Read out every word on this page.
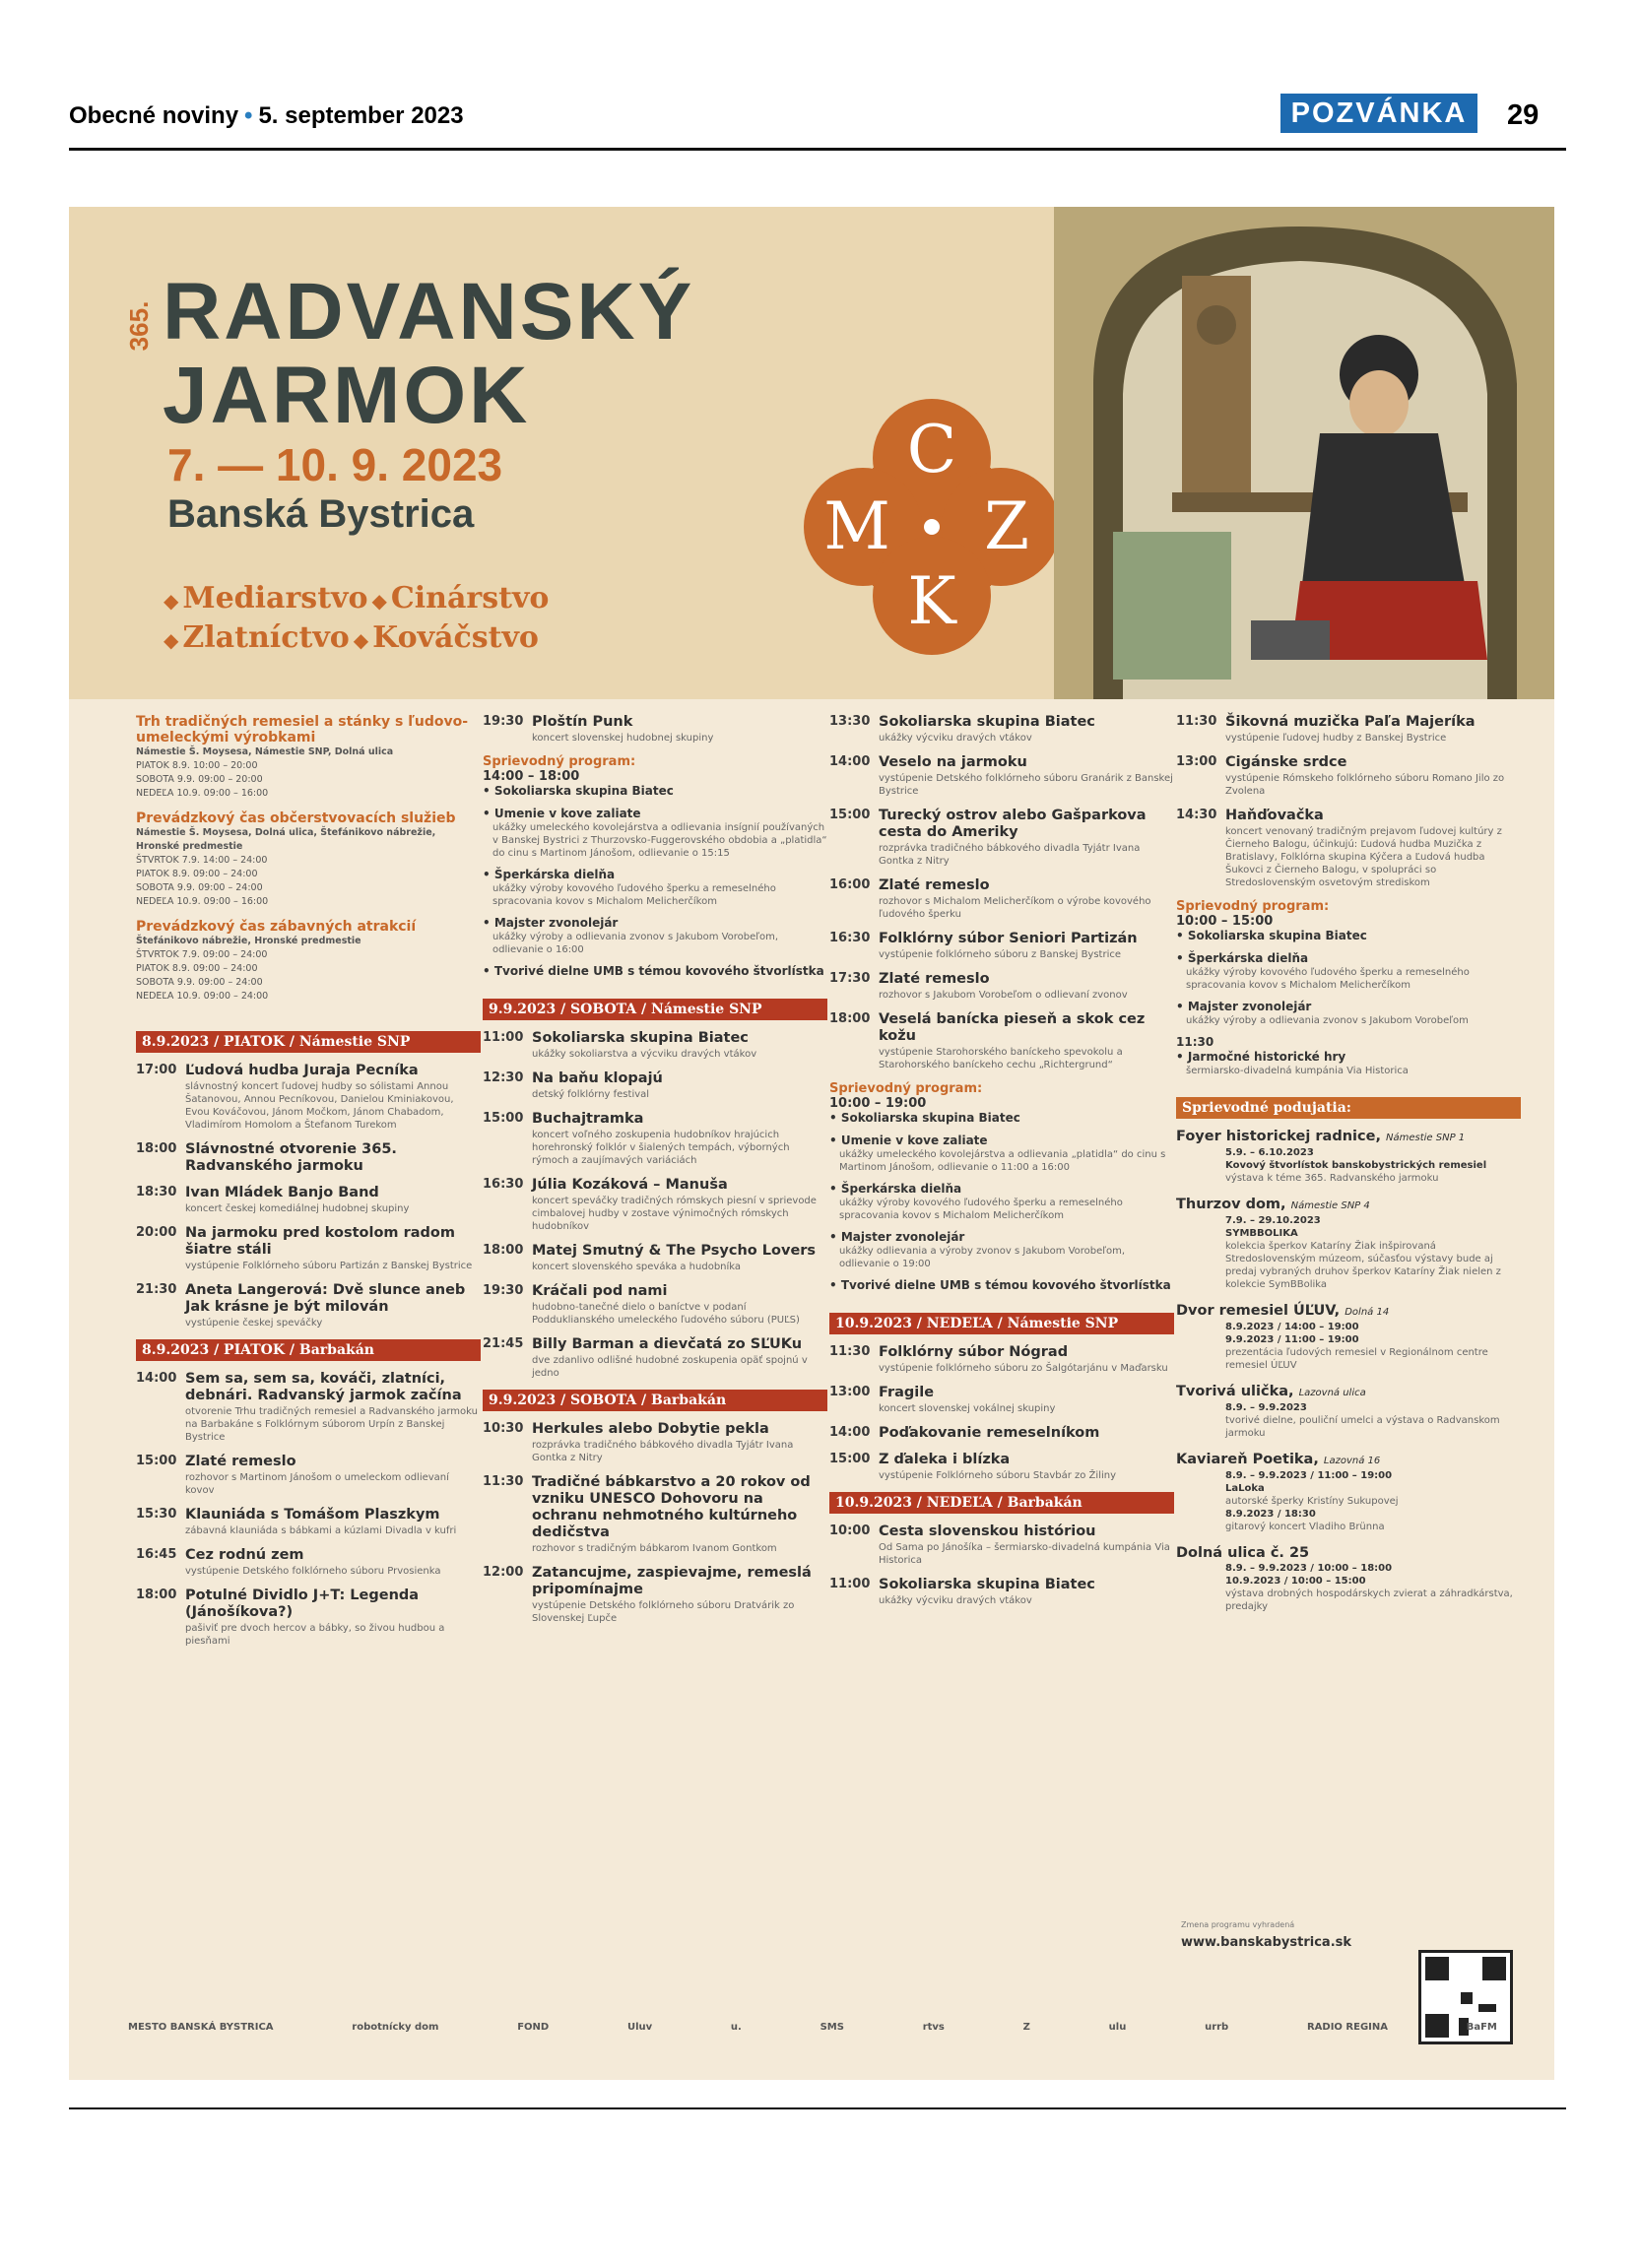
Obecné noviny • 5. september 2023	POZVÁNKA	29
365. RADVANSKÝ
JARMOK
7. — 10. 9. 2023
Banská Bystrica
◆ Mediarstvo ◆ Cinárstvo
◆ Zlatníctvo ◆ Kováčstvo
C
M	Z
K
Trh tradičných remesiel a stánky s ľudovo-umeleckými výrobkami
Námestie Š. Moysesa, Námestie SNP, Dolná ulica
PIATOK 8.9. 10:00 – 20:00
SOBOTA 9.9. 09:00 – 20:00
NEDEĽA 10.9. 09:00 – 16:00
Prevádzkový čas občerstvovacích služieb
Námestie Š. Moysesa, Dolná ulica, Štefánikovo nábrežie, Hronské predmestie
ŠTVRTOK 7.9. 14:00 – 24:00
PIATOK 8.9. 09:00 – 24:00
SOBOTA 9.9. 09:00 – 24:00
NEDEĽA 10.9. 09:00 – 16:00
Prevádzkový čas zábavných atrakcií
Štefánikovo nábrežie, Hronské predmestie
ŠTVRTOK 7.9. 09:00 – 24:00
PIATOK 8.9. 09:00 – 24:00
SOBOTA 9.9. 09:00 – 24:00
NEDEĽA 10.9. 09:00 – 24:00
8.9.2023 / PIATOK / Námestie SNP
17:00 Ľudová hudba Juraja Pecníka
slávnostný koncert ľudovej hudby so sólistami Annou Šatanovou, Annou Pecníkovou, Danielou Kminiakovou, Evou Kováčovou, Jánom Močkom, Jánom Chabadom, Vladimírom Homolom a Štefanom Turekom
18:00 Slávnostné otvorenie 365. Radvanského jarmoku
18:30 Ivan Mládek Banjo Band
koncert českej komediálnej hudobnej skupiny
20:00 Na jarmoku pred kostolom radom šiatre stáli
vystúpenie Folklórneho súboru Partizán z Banskej Bystrice
21:30 Aneta Langerová: Dvě slunce aneb Jak krásne je být milován
vystúpenie českej speváčky
8.9.2023 / PIATOK / Barbakán
14:00 Sem sa, sem sa, kováči, zlatníci, debnári. Radvanský jarmok začína
otvorenie Trhu tradičných remesiel a Radvanského jarmoku na Barbakáne s Folklórnym súborom Urpín z Banskej Bystrice
15:00 Zlaté remeslo
rozhovor s Martinom Jánošom o umeleckom odlievaní kovov
15:30 Klauniáda s Tomášom Plaszkym
zábavná klauniáda s bábkami a kúzlami Divadla v kufri
16:45 Cez rodnú zem
vystúpenie Detského folklórneho súboru Prvosienka
18:00 Potulné Dividlo J+T: Legenda (Jánošíkova?)
pašiviť pre dvoch hercov a bábky, so živou hudbou a piesňami
19:30 Ploštín Punk
koncert slovenskej hudobnej skupiny
Sprievodný program:
14:00 – 18:00
• Sokoliarska skupina Biatec
• Umenie v kove zaliate
ukážky umeleckého kovolejárstva a odlievania insígnií používaných v Banskej Bystrici z Thurzovsko-Fuggerovského obdobia a „platidla“ do cinu s Martinom Jánošom, odlievanie o 15:15
• Šperkárska dielňa
ukážky výroby kovového ľudového šperku a remeselného spracovania kovov s Michalom Melicherčíkom
• Majster zvonolejár
ukážky výroby a odlievania zvonov s Jakubom Vorobeľom, odlievanie o 16:00
• Tvorivé dielne UMB s témou kovového štvorlístka
9.9.2023 / SOBOTA / Námestie SNP
11:00 Sokoliarska skupina Biatec
ukážky sokoliarstva a výcviku dravých vtákov
12:30 Na baňu klopajú
detský folklórny festival
15:00 Buchajtramka
koncert voľného zoskupenia hudobníkov hrajúcich horehronský folklór v šialených tempách, výborných rýmoch a zaujímavých variáciách
16:30 Júlia Kozáková – Manuša
koncert speváčky tradičných rómskych piesní v sprievode cimbalovej hudby v zostave výnimočných rómskych hudobníkov
18:00 Matej Smutný & The Psycho Lovers
koncert slovenského speváka a hudobníka
19:30 Kráčali pod nami
hudobno-tanečné dielo o baníctve v podaní Podduklianského umeleckého ľudového súboru (PUĽS)
21:45 Billy Barman a dievčatá zo SĽUKu
dve zdanlivo odlišné hudobné zoskupenia opäť spojnú v jedno
9.9.2023 / SOBOTA / Barbakán
10:30 Herkules alebo Dobytie pekla
rozprávka tradičného bábkového divadla Tyjátr Ivana Gontka z Nitry
11:30 Tradičné bábkarstvo a 20 rokov od vzniku UNESCO Dohovoru na ochranu nehmotného kultúrneho dedičstva
rozhovor s tradičným bábkarom Ivanom Gontkom
12:00 Zatancujme, zaspievajme, remeslá pripomínajme
vystúpenie Detského folklórneho súboru Dratvárik zo Slovenskej Ľupče
13:30 Sokoliarska skupina Biatec
ukážky výcviku dravých vtákov
14:00 Veselo na jarmoku
vystúpenie Detského folklórneho súboru Granárik z Banskej Bystrice
15:00 Turecký ostrov alebo Gašparkova cesta do Ameriky
rozprávka tradičného bábkového divadla Tyjátr Ivana Gontka z Nitry
16:00 Zlaté remeslo
rozhovor s Michalom Melicherčíkom o výrobe kovového ľudového šperku
16:30 Folklórny súbor Seniori Partizán
vystúpenie folklórneho súboru z Banskej Bystrice
17:30 Zlaté remeslo
rozhovor s Jakubom Vorobeľom o odlievaní zvonov
18:00 Veselá banícka pieseň a skok cez kožu
vystúpenie Starohorského baníckeho spevokolu a Starohorského baníckeho cechu „Richtergrund“
Sprievodný program:
10:00 – 19:00
• Sokoliarska skupina Biatec
• Umenie v kove zaliate
ukážky umeleckého kovolejárstva a odlievania „platidla“ do cinu s Martinom Jánošom, odlievanie o 11:00 a 16:00
• Šperkárska dielňa
ukážky výroby kovového ľudového šperku a remeselného spracovania kovov s Michalom Melicherčíkom
• Majster zvonolejár
ukážky odlievania a výroby zvonov s Jakubom Vorobeľom, odlievanie o 19:00
• Tvorivé dielne UMB s témou kovového štvorlístka
10.9.2023 / NEDEĽA / Námestie SNP
11:30 Folklórny súbor Nógrad
vystúpenie folklórneho súboru zo Šalgótarjánu v Maďarsku
13:00 Fragile
koncert slovenskej vokálnej skupiny
14:00 Poďakovanie remeselníkom
15:00 Z ďaleka i blízka
vystúpenie Folklórneho súboru Stavbár zo Žiliny
10.9.2023 / NEDEĽA / Barbakán
10:00 Cesta slovenskou históriou
Od Sama po Jánošíka – šermiarsko-divadelná kumpánia Via Historica
11:00 Sokoliarska skupina Biatec
ukážky výcviku dravých vtákov
11:30 Šikovná muzička Paľa Majeríka
vystúpenie ľudovej hudby z Banskej Bystrice
13:00 Cigánske srdce
vystúpenie Rómskeho folklórneho súboru Romano Jilo zo Zvolena
14:30 Haňďovačka
koncert venovaný tradičným prejavom ľudovej kultúry z Čierneho Balogu, účinkujú: Ľudová hudba Muzička z Bratislavy, Folklórna skupina Kýčera a Ľudová hudba Šukovci z Čierneho Balogu, v spolupráci so Stredoslovenským osvetovým strediskom
Sprievodný program:
10:00 – 15:00
• Sokoliarska skupina Biatec
• Šperkárska dielňa
ukážky výroby kovového ľudového šperku a remeselného spracovania kovov s Michalom Melicherčíkom
• Majster zvonolejár
ukážky výroby a odlievania zvonov s Jakubom Vorobeľom
11:30
• Jarmočné historické hry
šermiarsko-divadelná kumpánia Via Historica
Sprievodné podujatia:
Foyer historickej radnice, Námestie SNP 1
5.9. – 6.10.2023
Kovový štvorlístok banskobystrických remesiel
výstava k téme 365. Radvanského jarmoku
Thurzov dom, Námestie SNP 4
7.9. – 29.10.2023
SYMBBOLIKA
kolekcia šperkov Kataríny Žiak inšpirovaná Stredoslovenským múzeom, súčasťou výstavy bude aj predaj vybraných druhov šperkov Kataríny Žiak nielen z kolekcie SymBBolika
Dvor remesiel ÚĽUV, Dolná 14
8.9.2023 / 14:00 – 19:00
9.9.2023 / 11:00 – 19:00
prezentácia ľudových remesiel v Regionálnom centre remesiel ÚĽUV
Tvorivá ulička, Lazovná ulica
8.9. – 9.9.2023
tvorivé dielne, pouliční umelci a výstava o Radvanskom jarmoku
Kaviareň Poetika, Lazovná 16
8.9. – 9.9.2023 / 11:00 – 19:00
LaLoka
autorské šperky Kristíny Sukupovej
8.9.2023 / 18:30
gitarový koncert Vladiho Brünna
Dolná ulica č. 25
8.9. – 9.9.2023 / 10:00 – 18:00
10.9.2023 / 10:00 – 15:00
výstava drobných hospodárskych zvierat a záhradkárstva, predajky
Zmena programu vyhradená
www.banskabystrica.sk
MESTO BANSKÁ BYSTRICA	robotnícky dom	FOND	Uluv	u.	SMS	rtvs	Z	ulu	urrb	RADIO REGINA	BaFM
